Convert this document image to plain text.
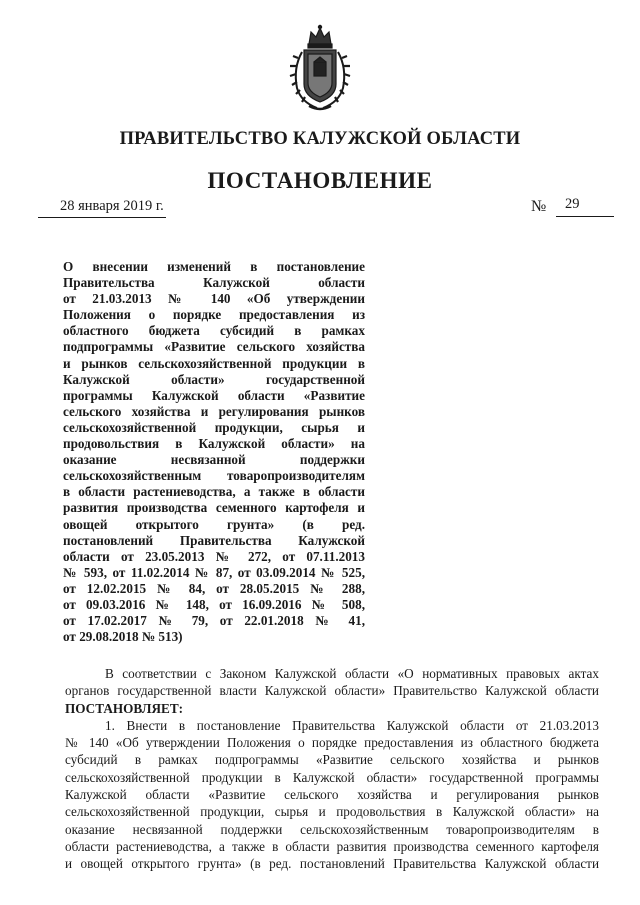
ПРАВИТЕЛЬСТВО КАЛУЖСКОЙ ОБЛАСТИ
ПОСТАНОВЛЕНИЕ
28 января 2019 г.	№ 29
О внесении изменений в постановление
Правительства Калужской области
от 21.03.2013 № 140 «Об утверждении
Положения о порядке предоставления из
областного бюджета субсидий в рамках
подпрограммы «Развитие сельского хозяйства
и рынков сельскохозяйственной продукции в
Калужской области» государственной
программы Калужской области «Развитие
сельского хозяйства и регулирования рынков
сельскохозяйственной продукции, сырья и
продовольствия в Калужской области» на
оказание несвязанной поддержки
сельскохозяйственным товаропроизводителям
в области растениеводства, а также в области
развития производства семенного картофеля и
овощей открытого грунта» (в ред.
постановлений Правительства Калужской
области от 23.05.2013 № 272, от 07.11.2013
№ 593, от 11.02.2014 № 87, от 03.09.2014 № 525,
от 12.02.2015 № 84, от 28.05.2015 № 288,
от 09.03.2016 № 148, от 16.09.2016 № 508,
от 17.02.2017 № 79, от 22.01.2018 № 41,
от 29.08.2018 № 513)
В соответствии с Законом Калужской области «О нормативных правовых актах
органов государственной власти Калужской области» Правительство Калужской области
ПОСТАНОВЛЯЕТ:
1. Внести в постановление Правительства Калужской области от 21.03.2013
№ 140 «Об утверждении Положения о порядке предоставления из областного бюджета
субсидий в рамках подпрограммы «Развитие сельского хозяйства и рынков
сельскохозяйственной продукции в Калужской области» государственной программы
Калужской области «Развитие сельского хозяйства и регулирования рынков
сельскохозяйственной продукции, сырья и продовольствия в Калужской области» на
оказание несвязанной поддержки сельскохозяйственным товаропроизводителям в
области растениеводства, а также в области развития производства семенного картофеля
и овощей открытого грунта» (в ред. постановлений Правительства Калужской области
